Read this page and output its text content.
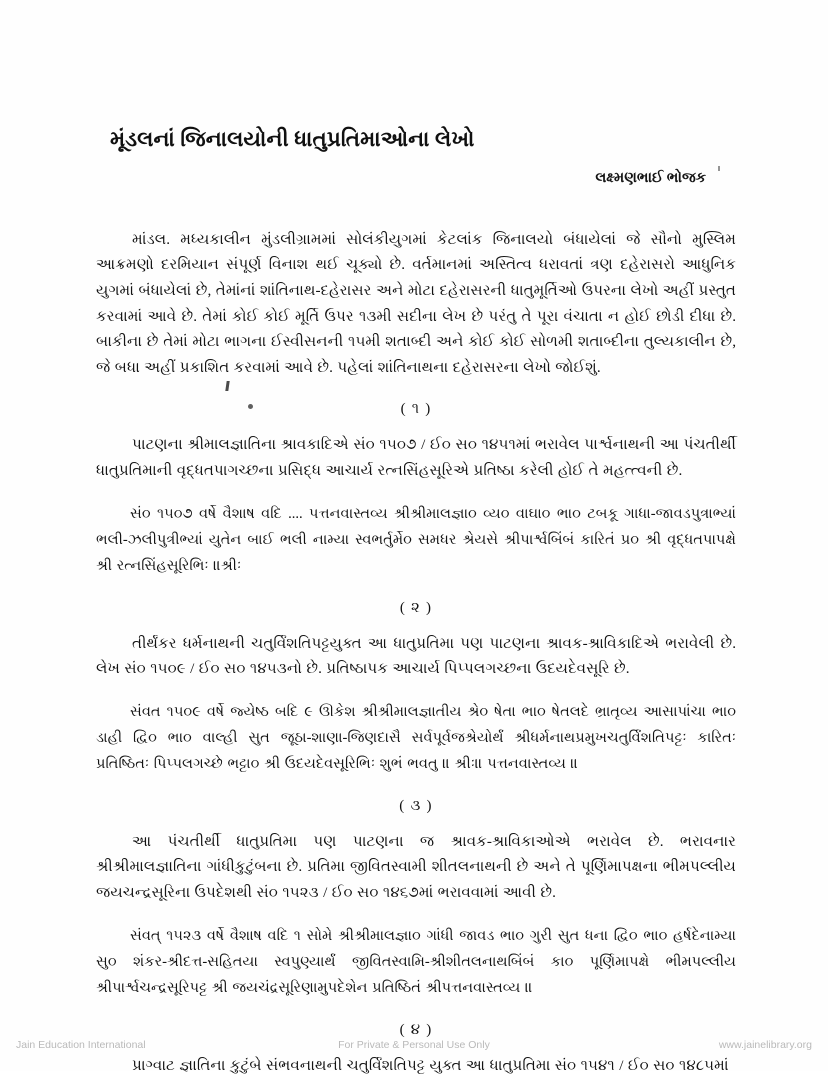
મૂંડલનાં જિનાલયોની ધાતુપ્રતિમાઓના લેખો
લક્ષ્મણભાઈ ભોજક

માંડલ. મધ્યકાલીન મુંડલીગ્રામમાં સોલંકીયુગમાં કેટલાંક જિનાલયો બંધાયેલાં જે સૌનો મુસ્લિમ આક્રમણો દરમિયાન સંપૂર્ણ વિનાશ થઈ ચૂક્યો છે. વર્તમાનમાં અસ્તિત્વ ધરાવતાં ત્રણ દહેરાસરો આધુનિક યુગમાં બંધાયેલાં છે, તેમાંનાં શાંતિનાથ-દહેરાસર અને મોટા દહેરાસરની ધાતુમૂર્તિઓ ઉપરના લેખો અહીં પ્રસ્તુત કરવામાં આવે છે. તેમાં કોઈ કોઈ મૂર્તિ ઉપર ૧૩મી સદીના લેખ છે પરંતુ તે પૂરા વંચાતા ન હોઈ છોડી દીધા છે. બાકીના છે તેમાં મોટા ભાગના ઈસ્વીસનની ૧૫મી શતાબ્દી અને કોઈ કોઈ સોળમી શતાબ્દીના તુલ્યકાલીન છે, જે બધા અહીં પ્રકાશિત કરવામાં આવે છે. પહેલાં શાંતિનાથના દહેરાસરના લેખો જોઈશું.

( ૧ )

પાટણના શ્રીમાલજ્ઞાતિના શ્રાવકાદિએ સં૦ ૧૫૦૭ / ઈ૦ સ૦ ૧૪૫૧માં ભરાવેલ પાર્શ્વનાથની આ પંચતીર્થી ધાતુપ્રતિમાની વૃદ્ધતપાગચ્છના પ્રસિદ્ધ આચાર્ય રત્નસિંહસૂરિએ પ્રતિષ્ઠા કરેલી હોઈ તે મહત્ત્વની છે.

સં૦ ૧૫૦૭ વર્ષે વૈશાષ વદિ .... પત્તનવાસ્તવ્ય શ્રીશ્રીમાલજ્ઞા૦ વ્ય૦ વાઘા૦ ભા૦ ટબકૂ ગાધા-જાવડપુત્રાભ્યાં ભલી-ઝલીપુત્રીભ્યાં યુતેન બાઈ ભલી નામ્યા સ્વભર્તુર્મે૦ સમધર શ્રેયસે શ્રીપાર્શ્વબિંબં કારિતં પ્ર૦ શ્રી વૃદ્ધતપાપક્ષે શ્રી રત્નસિંહસૂરિભિઃ ॥શ્રીઃ

( ૨ )

તીર્થંકર ધર્મનાથની ચતુર્વિંશતિપટ્ટયુક્ત આ ધાતુપ્રતિમા પણ પાટણના શ્રાવક-શ્રાવિકાદિએ ભરાવેલી છે. લેખ સં૦ ૧૫૦૯ / ઈ૦ સ૦ ૧૪૫૩નો છે. પ્રતિષ્ઠાપક આચાર્ય પિપ્પલગચ્છના ઉદયદેવસૂરિ છે.

સંવત ૧૫૦૯ વર્ષે જ્યેષ્ઠ બદિ ૯ ઊકેશ શ્રીશ્રીમાલજ્ઞાતીય શ્રે૦ ષેતા ભા૦ ષેતલદે ભ્રાતૃવ્ય આસાપાંચા ભા૦ ડાહી દ્વિ૦ ભા૦ વાલ્હી સુત જૂઠા-શાણા-જિણદાસૈ સર્વપૂર્વજશ્રેયોર્થં શ્રીધર્મનાથપ્રમુખચતુર્વિંશતિપટ્ટઃ કારિતઃ પ્રતિષ્ઠિતઃ પિપ્પલગચ્છે ભટ્ટા૦ શ્રી ઉદયદેવસૂરિભિઃ શુભં ભવતુ ॥ શ્રીઃ॥ પત્તનવાસ્તવ્ય ॥

( ૩ )

આ પંચતીર્થી ધાતુપ્રતિમા પણ પાટણના જ શ્રાવક-શ્રાવિકાઓએ ભરાવેલ છે. ભરાવનાર શ્રીશ્રીમાલજ્ઞાતિના ગાંધીકુટુંબના છે. પ્રતિમા જીવિતસ્વામી શીતલનાથની છે અને તે પૂર્ણિમાપક્ષના ભીમપલ્લીય જયચન્દ્રસૂરિના ઉપદેશથી સં૦ ૧૫૨૩ / ઈ૦ સ૦ ૧૪૬૭માં ભરાવવામાં આવી છે.

સંવત્ ૧૫૨૩ વર્ષે વૈશાષ વદિ ૧ સોમે શ્રીશ્રીમાલજ્ઞા૦ ગાંધી જાવડ ભા૦ ગુરી સુત ધના દ્વિ૦ ભા૦ હર્ષદેનામ્યા સુ૦ શંકર-શ્રીદત્ત-સહિતયા સ્વપુણ્યાર્થં જીવિતસ્વામિ-શ્રીશીતલનાથબિંબં કા૦ પૂર્ણિમાપક્ષે ભીમપલ્લીય શ્રીપાર્શ્વચન્દ્રસૂરિપટ્ટ શ્રી જયચંદ્રસૂરિણામુપદેશેન પ્રતિષ્ઠિતં શ્રીપત્તનવાસ્તવ્ય ॥

( ૪ )

પ્રાગ્વાટ જ્ઞાતિના કુટુંબે સંભવનાથની ચતુર્વિંશતિપટ્ટ યુક્ત આ ધાતુપ્રતિમા સં૦ ૧૫૪૧ / ઈ૦ સ૦ ૧૪૮૫માં

Jain Education International	For Private & Personal Use Only	www.jainelibrary.org
